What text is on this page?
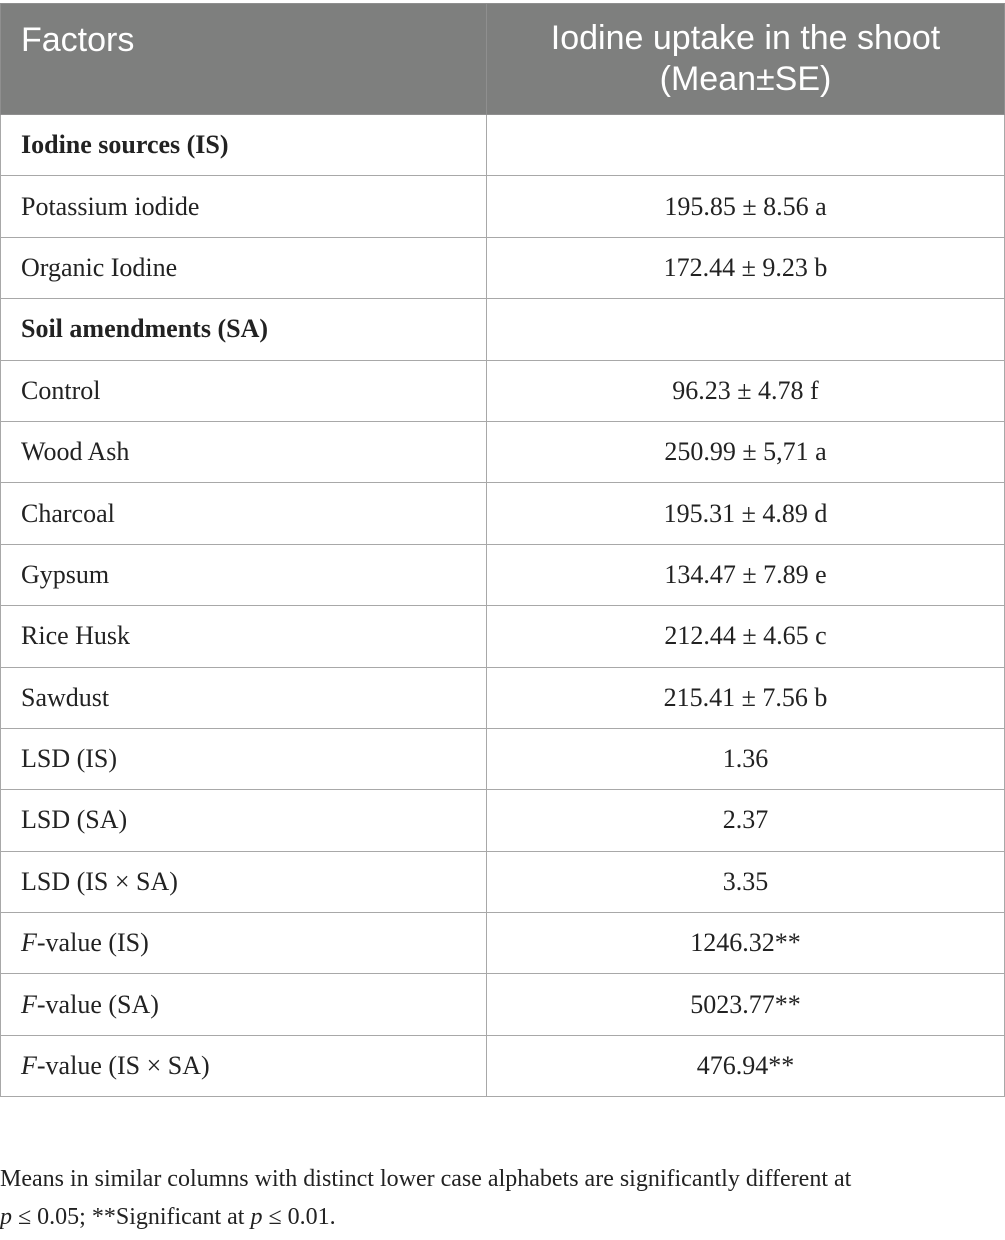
Factors	Iodine uptake in the shoot
(Mean±SE)
Iodine sources (IS)	
Potassium iodide	195.85 ± 8.56 a
Organic Iodine	172.44 ± 9.23 b
Soil amendments (SA)	
Control	96.23 ± 4.78 f
Wood Ash	250.99 ± 5,71 a
Charcoal	195.31 ± 4.89 d
Gypsum	134.47 ± 7.89 e
Rice Husk	212.44 ± 4.65 c
Sawdust	215.41 ± 7.56 b
LSD (IS)	1.36
LSD (SA)	2.37
LSD (IS × SA)	3.35
F-value (IS)	1246.32**
F-value (SA)	5023.77**
F-value (IS × SA)	476.94**
Means in similar columns with distinct lower case alphabets are significantly different at
p ≤ 0.05; **Significant at p ≤ 0.01.
